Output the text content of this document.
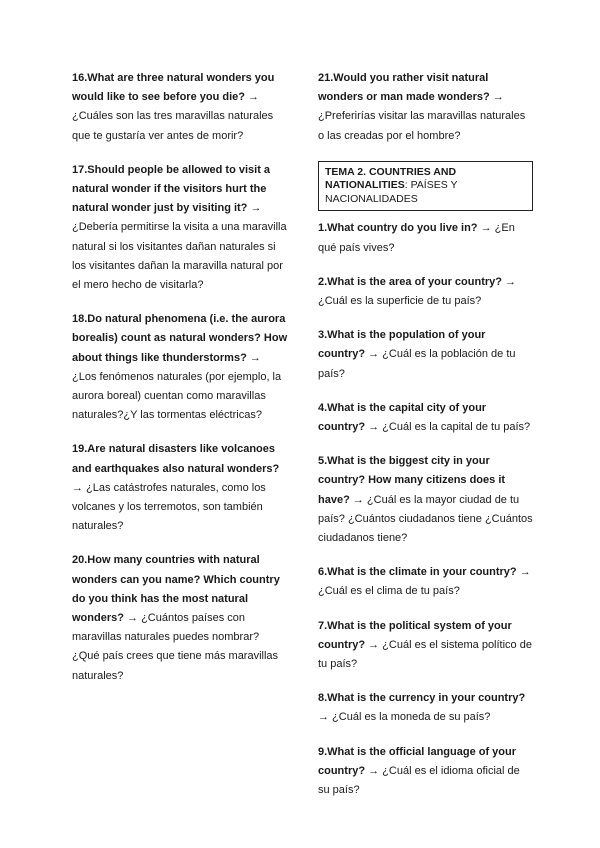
16.What are three natural wonders you would like to see before you die? → ¿Cuáles son las tres maravillas naturales que te gustaría ver antes de morir?

17.Should people be allowed to visit a natural wonder if the visitors hurt the natural wonder just by visiting it? → ¿Debería permitirse la visita a una maravilla natural si los visitantes dañan naturales si los visitantes dañan la maravilla natural por el mero hecho de visitarla?

18.Do natural phenomena (i.e. the aurora borealis) count as natural wonders? How about things like thunderstorms? → ¿Los fenómenos naturales (por ejemplo, la aurora boreal) cuentan como maravillas naturales?¿Y las tormentas eléctricas?

19.Are natural disasters like volcanoes and earthquakes also natural wonders? → ¿Las catástrofes naturales, como los volcanes y los terremotos, son también naturales?

20.How many countries with natural wonders can you name? Which country do you think has the most natural wonders? → ¿Cuántos países con maravillas naturales puedes nombrar? ¿Qué país crees que tiene más maravillas naturales?

21.Would you rather visit natural wonders or man made wonders? → ¿Preferirías visitar las maravillas naturales o las creadas por el hombre?

TEMA 2. COUNTRIES AND NATIONALITIES: PAÍSES Y NACIONALIDADES

1.What country do you live in? → ¿En qué país vives?

2.What is the area of your country? → ¿Cuál es la superficie de tu país?

3.What is the population of your country? → ¿Cuál es la población de tu país?

4.What is the capital city of your country? → ¿Cuál es la capital de tu país?

5.What is the biggest city in your country? How many citizens does it have? → ¿Cuál es la mayor ciudad de tu país? ¿Cuántos ciudadanos tiene ¿Cuántos ciudadanos tiene?

6.What is the climate in your country? → ¿Cuál es el clima de tu país?

7.What is the political system of your country? → ¿Cuál es el sistema político de tu país?

8.What is the currency in your country? → ¿Cuál es la moneda de su país?

9.What is the official language of your country? → ¿Cuál es el idioma oficial de su país?
